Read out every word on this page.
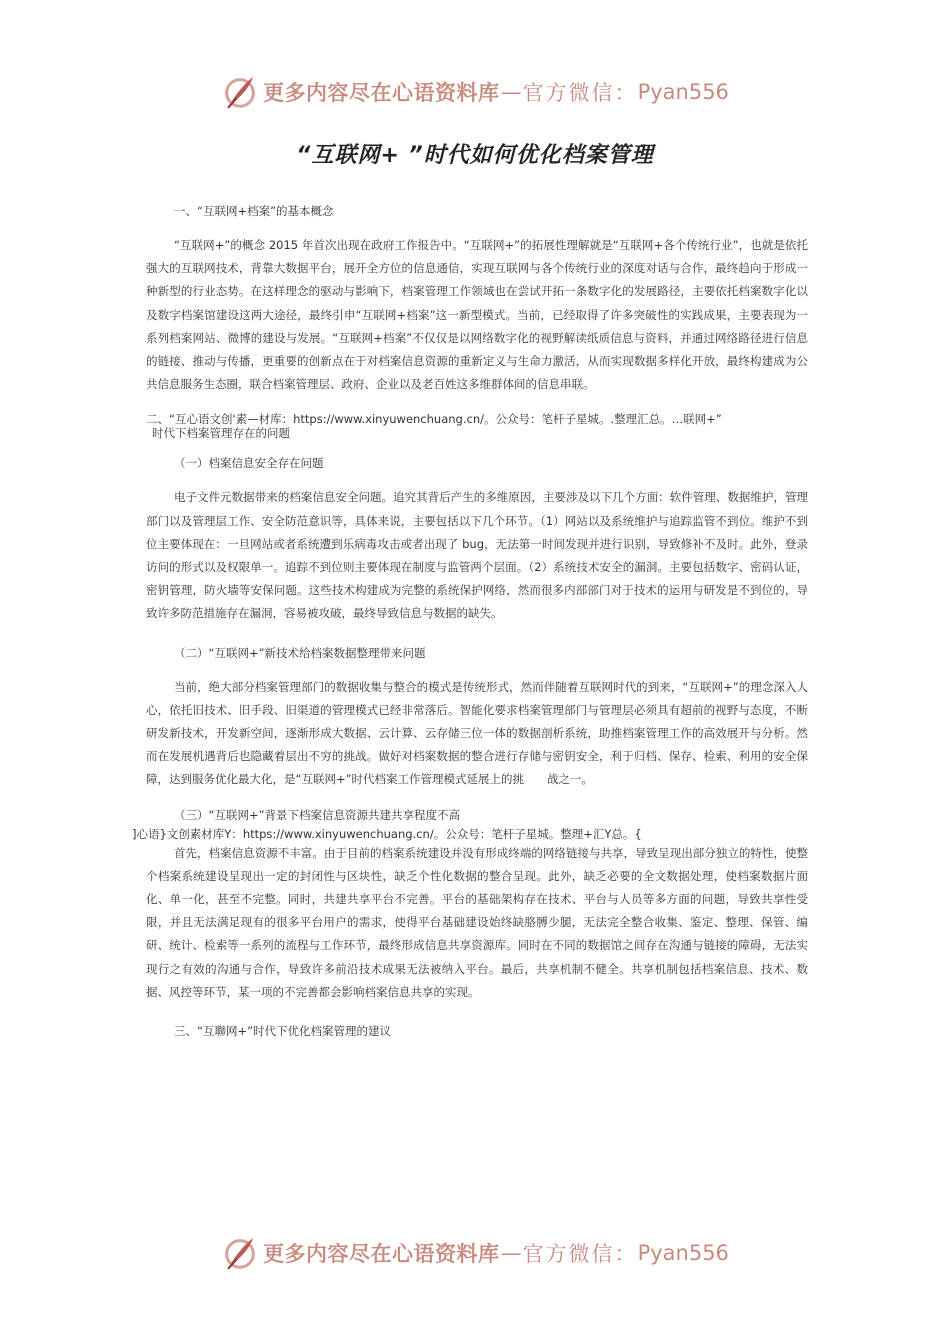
更多内容尽在心语资料库 — 官方微信： Pyan556
“互联网+ ”时代如何优化档案管理

一、“互联网+档案”的基本概念

“互联网+”的概念 2015 年首次出现在政府工作报告中。“互联网+”的拓展性理解就是“互联网+各个传统行业”，也就是依托强大的互联网技术，背靠大数据平台，展开全方位的信息通信，实现互联网与各个传统行业的深度对话与合作，最终趋向于形成一种新型的行业态势。在这样理念的驱动与影响下，档案管理工作领域也在尝试开拓一条数字化的发展路径，主要依托档案数字化以及数字档案馆建设这两大途径，最终引申“互联网+档案”这一新型模式。当前，已经取得了许多突破性的实践成果，主要表现为一系列档案网站、微博的建设与发展。“互联网+档案”不仅仅是以网络数字化的视野解读纸质信息与资料，并通过网络路径进行信息的链接、推动与传播，更重要的创新点在于对档案信息资源的重新定义与生命力激活，从而实现数据多样化开放，最终构建成为公共信息服务生态圈，联合档案管理层、政府、企业以及老百姓这多维群体间的信息串联。

二、“互心语文创'素—材库：https://www.xinyuwenchuang.cn/。公众号：笔杆子星城。.整理汇总。…联网+”

时代下档案管理存在的问题

（一）档案信息安全存在问题

电子文件元数据带来的档案信息安全问题。追究其背后产生的多维原因，主要涉及以下几个方面：软件管理、数据维护，管理部门以及管理层工作、安全防范意识等，具体来说，主要包括以下几个环节。（1）网站以及系统维护与追踪监管不到位。维护不到位主要体现在：一旦网站或者系统遭到乐病毒攻击或者出现了 bug，无法第一时间发现并进行识别，导致修补不及时。此外，登录访问的形式以及权限单一。追踪不到位则主要体现在制度与监管两个层面。（2）系统技术安全的漏洞。主要包括数字、密码认证，密钥管理，防火墙等安保问题。这些技术构建成为完整的系统保护网络，然而很多内部部门对于技术的运用与研发是不到位的，导致许多防范措施存在漏洞，容易被攻破，最终导致信息与数据的缺失。

（二）“互联网+”新技术给档案数据整理带来问题

当前，绝大部分档案管理部门的数据收集与整合的模式是传统形式，然而伴随着互联网时代的到来，“互联网+”的理念深入人心，依托旧技术、旧手段、旧渠道的管理模式已经非常落后。智能化要求档案管理部门与管理层必须具有超前的视野与态度，不断研发新技术，开发新空间，逐渐形成大数据、云计算、云存储三位一体的数据剖析系统，助推档案管理工作的高效展开与分析。然而在发展机遇背后也隐藏着层出不穷的挑战。做好对档案数据的整合进行存储与密钥安全，利于归档、保存、检索、利用的安全保障，达到服务优化最大化，是“互联网+”时代档案工作管理模式延展上的挑　　战之一。

（三）“互联网+”背景下档案信息资源共建共享程度不高

]心语}文创素材库Y：https://www.xinyuwenchuang.cn/。公众号：笔杆子星城。整理+汇Y总。{

首先，档案信息资源不丰富。由于目前的档案系统建设并没有形成终端的网络链接与共享，导致呈现出部分独立的特性，使整个档案系统建设呈现出一定的封闭性与区块性，缺乏个性化数据的整合呈现。此外，缺乏必要的全文数据处理，使档案数据片面化、单一化，甚至不完整。同时，共建共享平台不完善。平台的基础架构存在技术、平台与人员等多方面的问题，导致共享性受限，并且无法满足现有的很多平台用户的需求，使得平台基础建设始终缺胳膊少腿，无法完全整合收集、鉴定、整理、保管、编研、统计、检索等一系列的流程与工作环节，最终形成信息共享资源库。同时在不同的数据馆之间存在沟通与链接的障碍，无法实现行之有效的沟通与合作，导致许多前沿技术成果无法被纳入平台。最后，共享机制不健全。共享机制包括档案信息、技术、数据、风控等环节，某一项的不完善都会影响档案信息共享的实现。

三、“互聯网+”时代下优化档案管理的建议

更多内容尽在心语资料库 — 官方微信： Pyan556
